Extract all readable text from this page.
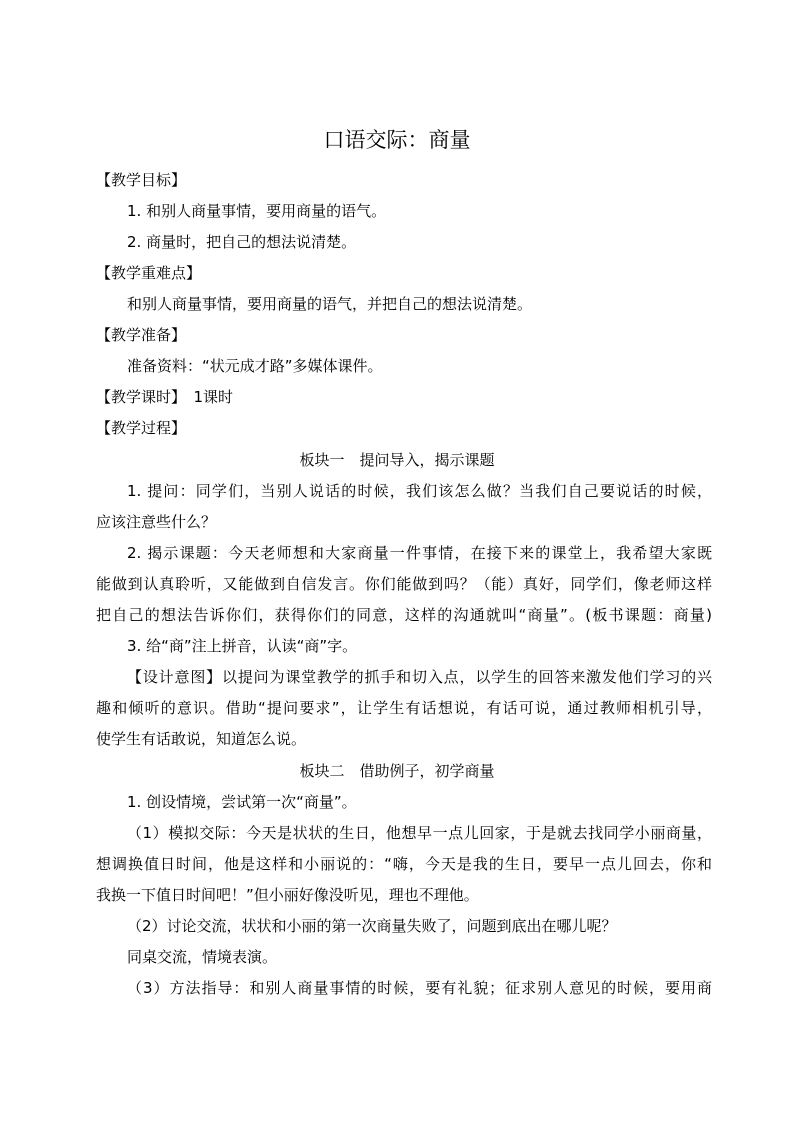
口语交际：商量
【教学目标】
1. 和别人商量事情，要用商量的语气。
2. 商量时，把自己的想法说清楚。
【教学重难点】
和别人商量事情，要用商量的语气，并把自己的想法说清楚。
【教学准备】
准备资料：“状元成才路”多媒体课件。
【教学课时】　1课时
【教学过程】
板块一　提问导入，揭示课题
1. 提问：同学们，当别人说话的时候，我们该怎么做？当我们自己要说话的时候，
应该注意些什么？
2. 揭示课题：今天老师想和大家商量一件事情，在接下来的课堂上，我希望大家既
能做到认真聆听，又能做到自信发言。你们能做到吗？（能）真好，同学们，像老师这样
把自己的想法告诉你们，获得你们的同意，这样的沟通就叫“商量”。(板书课题：商量)
3. 给“商”注上拼音，认读“商”字。
【设计意图】以提问为课堂教学的抓手和切入点，以学生的回答来激发他们学习的兴
趣和倾听的意识。借助“提问要求”，让学生有话想说，有话可说，通过教师相机引导，
使学生有话敢说，知道怎么说。
板块二　借助例子，初学商量
1. 创设情境，尝试第一次“商量”。
（1）模拟交际：今天是状状的生日，他想早一点儿回家，于是就去找同学小丽商量，
想调换值日时间，他是这样和小丽说的：“嗨，今天是我的生日，要早一点儿回去，你和
我换一下值日时间吧！”但小丽好像没听见，理也不理他。
（2）讨论交流，状状和小丽的第一次商量失败了，问题到底出在哪儿呢？
同桌交流，情境表演。
（3）方法指导：和别人商量事情的时候，要有礼貌；征求别人意见的时候，要用商
